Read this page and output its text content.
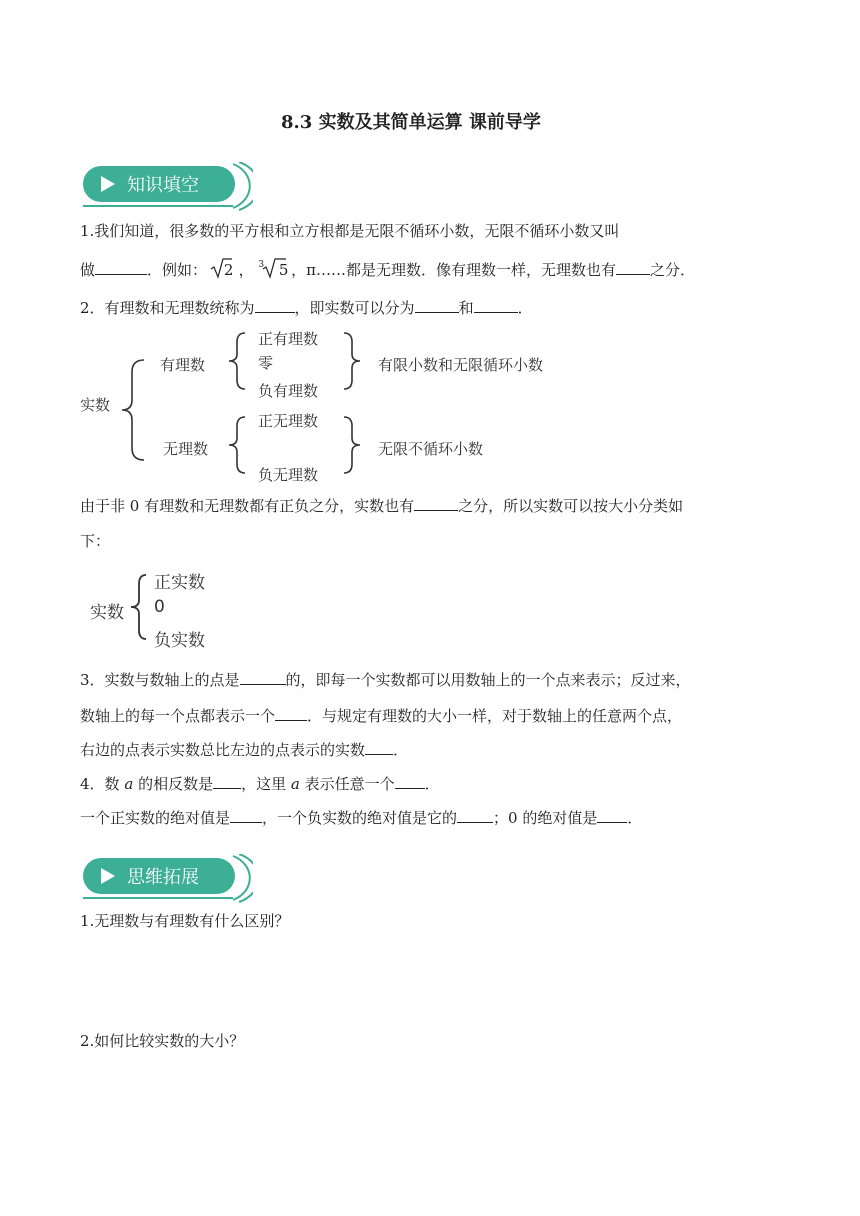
8.3 实数及其简单运算 课前导学
知识填空
1.我们知道，很多数的平方根和立方根都是无限不循环小数，无限不循环小数又叫
做	．例如： 2 ， $^3$ 5 ，π……都是无理数．像有理数一样，无理数也有 之分．
2．有理数和无理数统称为	，即实数可以分为	和	．
实数
有理数
正有理数
零
负有理数
有限小数和无限循环小数
无理数
正无理数
负无理数
无限不循环小数
由于非 0 有理数和无理数都有正负之分，实数也有	之分，所以实数可以按大小分类如
下：
实数
正实数
0
负实数
3．实数与数轴上的点是	的，即每一个实数都可以用数轴上的一个点来表示；反过来，
数轴上的每一个点都表示一个 ．与规定有理数的大小一样，对于数轴上的任意两个点，
右边的点表示实数总比左边的点表示的实数 ．
4．数 a 的相反数是 ，这里 a 表示任意一个 ．
一个正实数的绝对值是 ，一个负实数的绝对值是它的 ；0 的绝对值是 ．
思维拓展
1.无理数与有理数有什么区别？
2.如何比较实数的大小？
